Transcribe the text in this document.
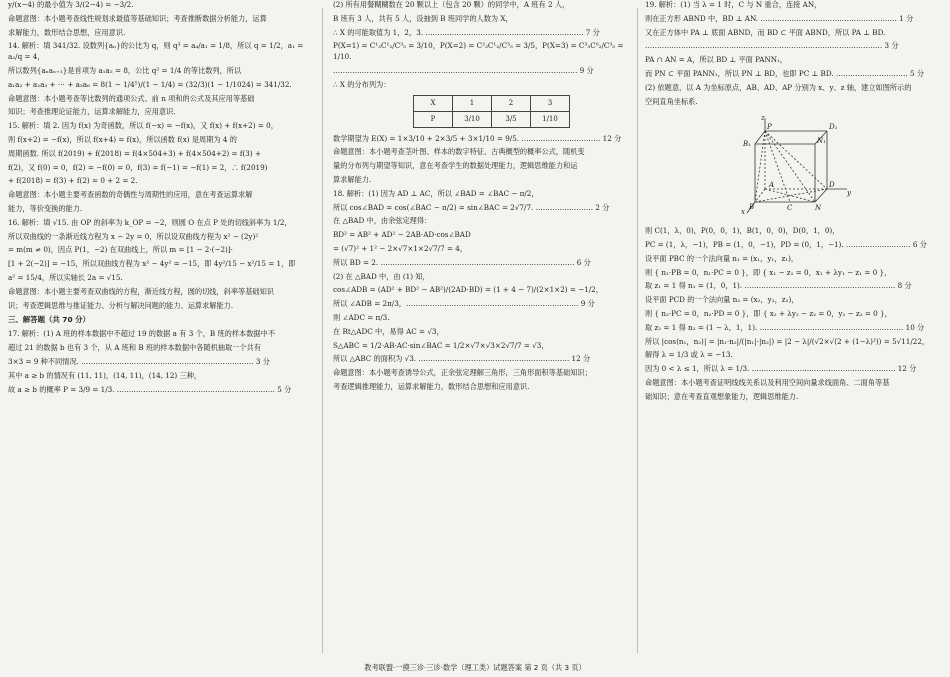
y/(x−4) 的最小值为 3/(2−4) = −3/2.
命题意图：本小题考查线性规划求最值等基础知识；考查推断数据分析能力，运算
求解能力，数形结合思想，应用意识.
14. 解析：填 341/32. 设数列{aₙ}的公比为 q，则 q³ = a₄/a₁ = 1/8，所以 q = 1/2，a₁ = a₂/q = 4，
所以数列{aₙaₙ₊₁}是首项为 a₁a₂ = 8，公比 q² = 1/4 的等比数列，所以
a₁a₂ + a₂a₃ + ⋯ + a₅a₆ = 8(1 − 1/4⁵)/(1 − 1/4) = (32/3)(1 − 1/1024) = 341/32.
命题意图：本小题考查等比数列的通项公式、前 n 项和的公式及其应用等基础
知识；考查推理论证能力，运算求解能力，应用意识.
15. 解析：填 2. 因为 f(x) 为奇函数，所以 f(−x) = −f(x)，又 f(x) + f(x+2) = 0，
则 f(x+2) = −f(x)，所以 f(x+4) = f(x)，所以函数 f(x) 是周期为 4 的
周期函数. 所以 f(2019) + f(2018) = f(4×504+3) + f(4×504+2) = f(3) +
f(2)，又 f(0) = 0，f(2) = −f(0) = 0，f(3) = f(−1) = −f(1) = 2，∴ f(2019)
+ f(2018) = f(3) + f(2) = 0 + 2 = 2.
命题意图：本小题主要考查函数的奇偶性与周期性的应用，意在考查运算求解
能力，等价变换的能力.
16. 解析：填 √15. 由 OP 的斜率为 k_OP = −2，则圆 O 在点 P 处的切线斜率为 1/2，
所以双曲线的一条渐近线方程为 x − 2y = 0，所以设双曲线方程为 x² − (2y)²
= m(m ≠ 0)，因点 P(1，−2) 在双曲线上，所以 m = [1 − 2·(−2)]·
[1 + 2(−2)] = −15，所以双曲线方程为 x² − 4y² = −15，即 4y²/15 − x²/15 = 1，即
a² = 15/4，所以实轴长 2a = √15.
命题意图：本小题主要考查双曲线的方程，渐近线方程，圆的切线，斜率等基础知识
识；考查逻辑思维与推证能力、分析与解决问题的能力、运算求解能力.
三、解答题（共 70 分）
17. 解析：(1) A 班的样本数据中不超过 19 的数据 a 有 3 个，B 班的样本数据中不
超过 21 的数据 b 也有 3 个，从 A 班和 B 班的样本数据中各随机抽取一个共有
3×3 = 9 种不同情况. ……………………………………………………………… 3 分
其中 a ≥ b 的情况有 (11, 11)，(14, 11)，(14, 12) 三种，
故 a ≥ b 的概率 P = 3/9 = 1/3. ………………………………………………………… 5 分
(2) 所有用餐糊糊数在 20 颗以上（包含 20 颗）的同学中，A 班有 2 人，
B 班有 3 人，共有 5 人，设抽到 B 班同学的人数为 X，
∴ X 的可能取值为 1，2，3. ………………………………………………………… 7 分
P(X=1) = C¹₃C¹₂/C³₅ = 3/10，P(X=2) = C²₃C¹₂/C³₅ = 3/5，P(X=3) = C³₃C⁰₂/C³₅ = 1/10.
………………………………………………………………………………………… 9 分
∴ X 的分布列为：
X	1	2	3
P	3/10	3/5	1/10
数学期望为 E(X) = 1×3/10 + 2×3/5 + 3×1/10 = 9/5. …………………………… 12 分
命题意图：本小题考查茎叶图、样本的数字特征、古典概型的概率公式，随机变
量的分布列与期望等知识，意在考查学生的数据处理能力，逻辑思维能力和运
算求解能力.
18. 解析：(1) 因为 AD ⊥ AC，所以 ∠BAD = ∠BAC − π/2，
所以 cos∠BAD = cos(∠BAC − π/2) = sin∠BAC = 2√7/7. …………………… 2 分
在 △BAD 中，由余弦定理得：
BD² = AB² + AD² − 2AB·AD·cos∠BAD
= (√7)² + 1² − 2×√7×1×2√7/7 = 4，
所以 BD = 2. ……………………………………………………………………… 6 分
(2) 在 △BAD 中，由 (1) 知，
cos∠ADB = (AD² + BD² − AB²)/(2AD·BD) = (1 + 4 − 7)/(2×1×2) = −1/2，
所以 ∠ADB = 2π/3，……………………………………………………………… 9 分
则 ∠ADC = π/3.
在 Rt△ADC 中，易得 AC = √3，
S△ABC = 1/2·AB·AC·sin∠BAC = 1/2×√7×√3×2√7/7 = √3，
所以 △ABC 的面积为 √3. ……………………………………………………… 12 分
命题意图：本小题考查诱导公式，正余弦定理解三角形，三角形面积等基础知识；
考查逻辑推理能力，运算求解能力，数形结合思想和应用意识.
19. 解析：(1) 当 λ = 1 时，C 与 N 重合，连接 AN，
则在正方形 ABND 中，BD ⊥ AN. ………………………………………………… 1 分
又在正方体中 PA ⊥ 底面 ABND，而 BD ⊂ 平面 ABND，所以 PA ⊥ BD.
……………………………………………………………………………………… 3 分
PA ∩ AN = A，所以 BD ⊥ 平面 PANN₁，
而 PN ⊂ 平面 PANN₁，所以 PN ⊥ BD，也即 PC ⊥ BD. ………………………… 5 分
(2) 依题意，以 A 为坐标原点，AB、AD、AP 分别为 x、y、z 轴，建立如图所示的
空间直角坐标系.
z
y
x
P	D₁
B₁	N₁
A	D
B	C	N
则 C(1，λ，0)，P(0，0，1)，B(1，0，0)，D(0，1，0)，
PC = (1，λ，−1)，PB = (1，0，−1)，PD = (0，1，−1). ……………………… 6 分
设平面 PBC 的一个法向量 n₁ = (x₁，y₁，z₁)，
则 { n₁·PB = 0，n₁·PC = 0 }，即 { x₁ − z₁ = 0，x₁ + λy₁ − z₁ = 0 }，
取 z₁ = 1 得 n₁ = (1，0，1). ……………………………………………………… 8 分
设平面 PCD 的一个法向量 n₂ = (x₂，y₂，z₂)，
则 { n₂·PC = 0，n₂·PD = 0 }，即 { x₂ + λy₂ − z₂ = 0，y₂ − z₂ = 0 }，
取 z₂ = 1 得 n₂ = (1 − λ，1，1). …………………………………………………… 10 分
所以 |cos⟨n₁，n₂⟩| = |n₁·n₂|/(|n₁|·|n₂|) = |2 − λ|/(√2×√(2 + (1−λ)²)) = 5√11/22，
解得 λ = 1/3 或 λ = −13.
因为 0 < λ ≤ 1，所以 λ = 1/3. …………………………………………………… 12 分
命题意图：本小题考查证明线线关系以及利用空间向量求线面角、二面角等基
础知识；意在考查直观想象能力，逻辑思维能力.
教考联盟·一摸三诊·三诊·数学（理工类）试题答案 第 2 页（共 3 页）
